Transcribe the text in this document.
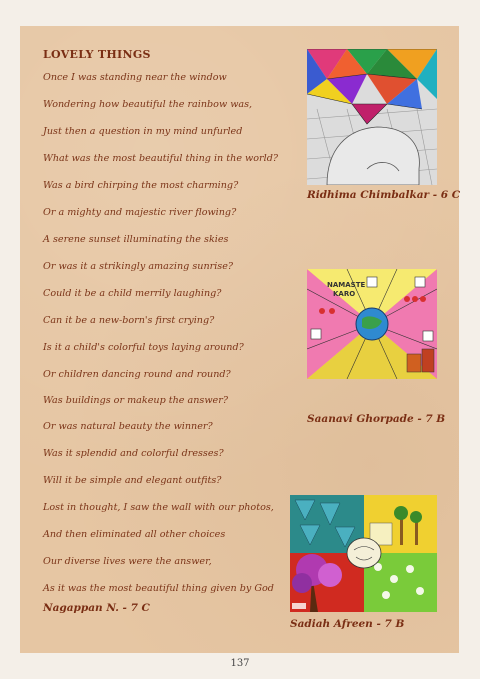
LOVELY THINGS
Once I was standing near the window
Wondering how beautiful the rainbow was,
Just then a question in my mind unfurled
What was the most beautiful thing in the world?
Was a bird chirping the most charming?
Or a mighty and majestic river flowing?
A serene sunset illuminating the skies
Or was it a strikingly amazing sunrise?
Could it be a child merrily laughing?
Can it be a new-born's first crying?
Is it a child's colorful toys laying around?
Or children dancing round and round?
Was buildings or makeup the answer?
Or was natural beauty the winner?
Was it splendid and colorful dresses?
Will it be simple and elegant outfits?
Lost in thought, I saw the wall with our photos,
And then eliminated all other choices
Our diverse lives were the answer,
As it was the most beautiful thing given by God
Nagappan N. - 7 C
Ridhima Chimbalkar - 6 C
NAMASTE
KARO
Saanavi Ghorpade - 7 B
Sadiah Afreen - 7 B
137
